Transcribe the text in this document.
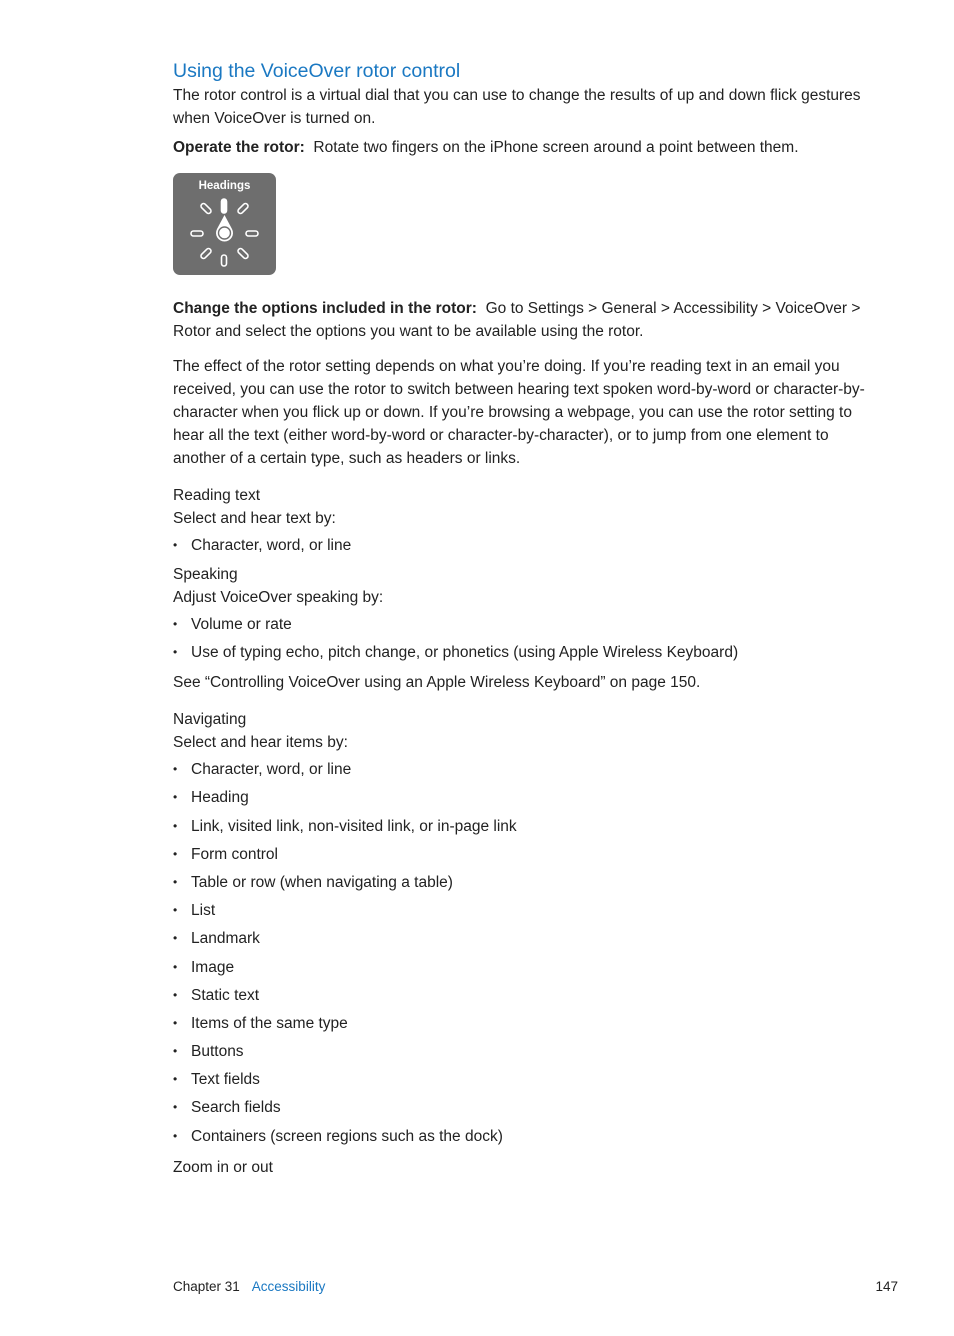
Using the VoiceOver rotor control

The rotor control is a virtual dial that you can use to change the results of up and down flick gestures when VoiceOver is turned on.

Operate the rotor: Rotate two fingers on the iPhone screen around a point between them.

Headings

Change the options included in the rotor: Go to Settings > General > Accessibility > VoiceOver > Rotor and select the options you want to be available using the rotor.

The effect of the rotor setting depends on what you’re doing. If you’re reading text in an email you received, you can use the rotor to switch between hearing text spoken word-by-word or character-by-character when you flick up or down. If you’re browsing a webpage, you can use the rotor setting to hear all the text (either word-by-word or character-by-character), or to jump from one element to another of a certain type, such as headers or links.

Reading text

Select and hear text by:

• Character, word, or line
Speaking

Adjust VoiceOver speaking by:

• Volume or rate
• Use of typing echo, pitch change, or phonetics (using Apple Wireless Keyboard)

See “Controlling VoiceOver using an Apple Wireless Keyboard” on page 150.

Navigating

Select and hear items by:

• Character, word, or line
• Heading
• Link, visited link, non-visited link, or in-page link
• Form control
• Table or row (when navigating a table)
• List
• Landmark
• Image
• Static text
• Items of the same type
• Buttons
• Text fields
• Search fields
• Containers (screen regions such as the dock)

Zoom in or out

Chapter 31 Accessibility	147
